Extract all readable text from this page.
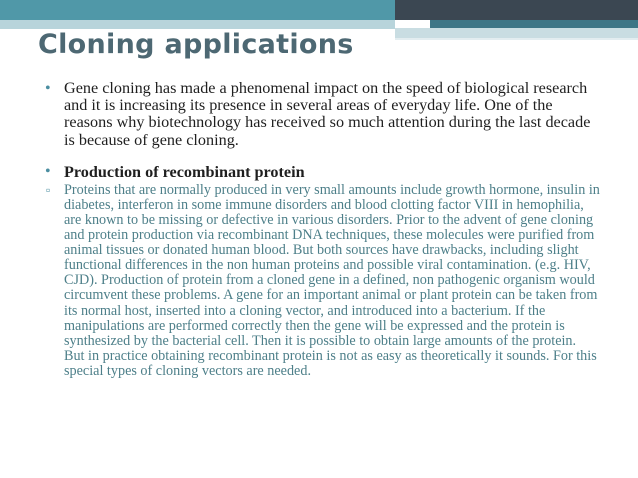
Cloning applications
• Gene cloning has made a phenomenal impact on the speed of biological research and it is increasing its presence in several areas of everyday life. One of the reasons why biotechnology has received so much attention during the last decade is because of gene cloning.

• Production of recombinant protein

▫ Proteins that are normally produced in very small amounts include growth hormone, insulin in diabetes, interferon in some immune disorders and blood clotting factor VIII in hemophilia, are known to be missing or defective in various disorders. Prior to the advent of gene cloning and protein production via recombinant DNA techniques, these molecules were purified from animal tissues or donated human blood. But both sources have drawbacks, including slight functional differences in the non human proteins and possible viral contamination. (e.g. HIV, CJD). Production of protein from a cloned gene in a defined, non pathogenic organism would circumvent these problems. A gene for an important animal or plant protein can be taken from its normal host, inserted into a cloning vector, and introduced into a bacterium. If the manipulations are performed correctly then the gene will be expressed and the protein is synthesized by the bacterial cell. Then it is possible to obtain large amounts of the protein.

But in practice obtaining recombinant protein is not as easy as theoretically it sounds. For this special types of cloning vectors are needed.
